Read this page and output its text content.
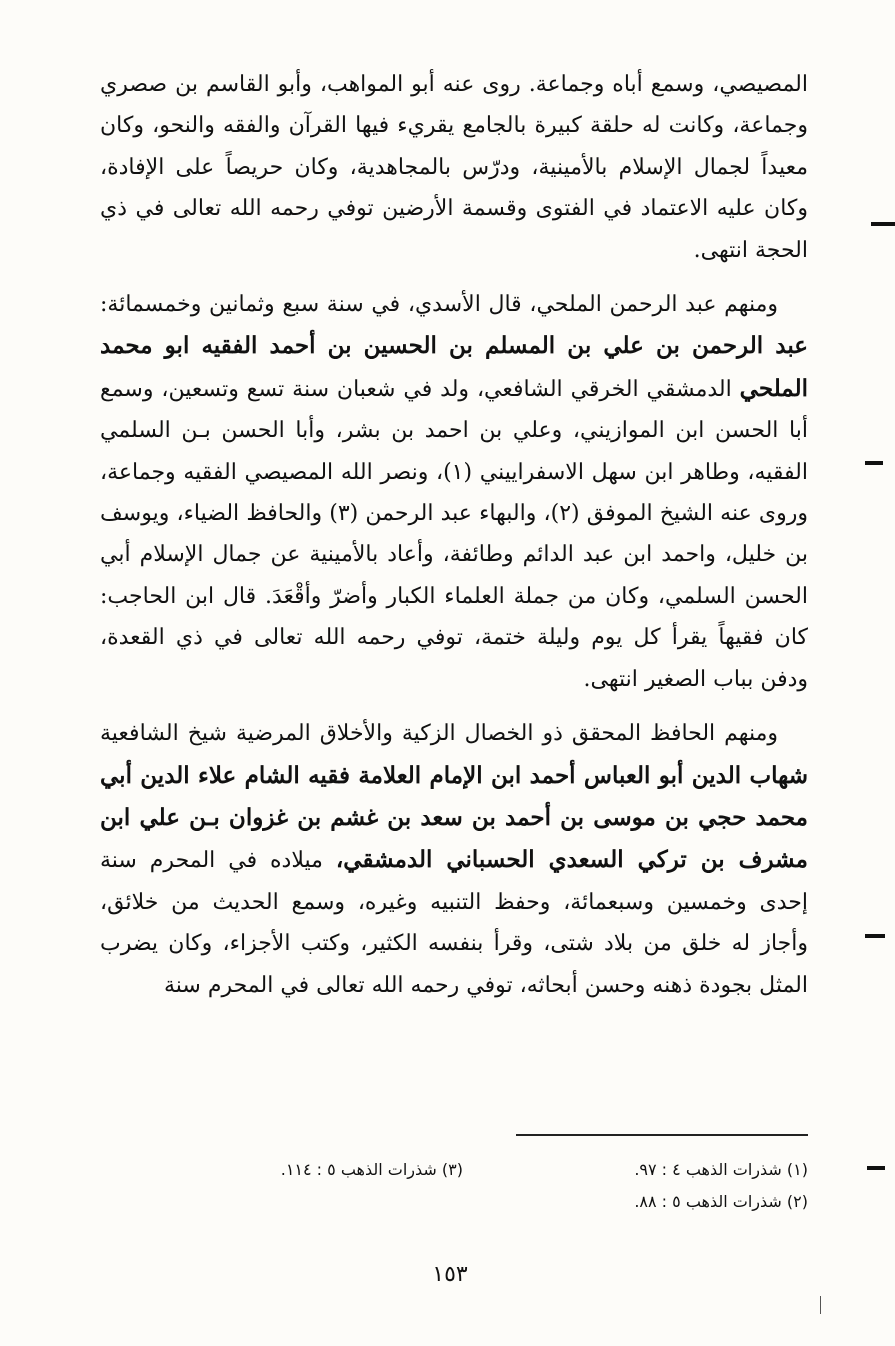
المصيصي، وسمع أباه وجماعة. روى عنه أبو المواهب، وأبو القاسم بن صصري وجماعة، وكانت له حلقة كبيرة بالجامع يقريء فيها القرآن والفقه والنحو، وكان معيداً لجمال الإسلام بالأمينية، ودرّس بالمجاهدية، وكان حريصاً على الإفادة، وكان عليه الاعتماد في الفتوى وقسمة الأرضين توفي رحمه الله تعالى في ذي الحجة انتهى.

ومنهم عبد الرحمن الملحي، قال الأسدي، في سنة سبع وثمانين وخمسمائة: عبد الرحمن بن علي بن المسلم بن الحسين بن أحمد الفقيه ابو محمد الملحي الدمشقي الخرقي الشافعي، ولد في شعبان سنة تسع وتسعين، وسمع أبا الحسن ابن الموازيني، وعلي بن احمد بن بشر، وأبا الحسن بـن السلمي الفقيه، وطاهر ابن سهل الاسفراييني (١)، ونصر الله المصيصي الفقيه وجماعة، وروى عنه الشيخ الموفق (٢)، والبهاء عبد الرحمن (٣) والحافظ الضياء، ويوسف بن خليل، واحمد ابن عبد الدائم وطائفة، وأعاد بالأمينية عن جمال الإسلام أبي الحسن السلمي، وكان من جملة العلماء الكبار وأضرّ وأقْعَدَ. قال ابن الحاجب: كان فقيهاً يقرأ كل يوم وليلة ختمة، توفي رحمه الله تعالى في ذي القعدة، ودفن بباب الصغير انتهى.

ومنهم الحافظ المحقق ذو الخصال الزكية والأخلاق المرضية شيخ الشافعية شهاب الدين أبو العباس أحمد ابن الإمام العلامة فقيه الشام علاء الدين أبي محمد حجي بن موسى بن أحمد بن سعد بن غشم بن غزوان بـن علي ابن مشرف بن تركي السعدي الحسباني الدمشقي، ميلاده في المحرم سنة إحدى وخمسين وسبعمائة، وحفظ التنبيه وغيره، وسمع الحديث من خلائق، وأجاز له خلق من بلاد شتى، وقرأ بنفسه الكثير، وكتب الأجزاء، وكان يضرب المثل بجودة ذهنه وحسن أبحاثه، توفي رحمه الله تعالى في المحرم سنة

(١) شذرات الذهب ٤ : ٩٧.
(٢) شذرات الذهب ٥ : ٨٨.
(٣) شذرات الذهب ٥ : ١١٤.
١٥٣
